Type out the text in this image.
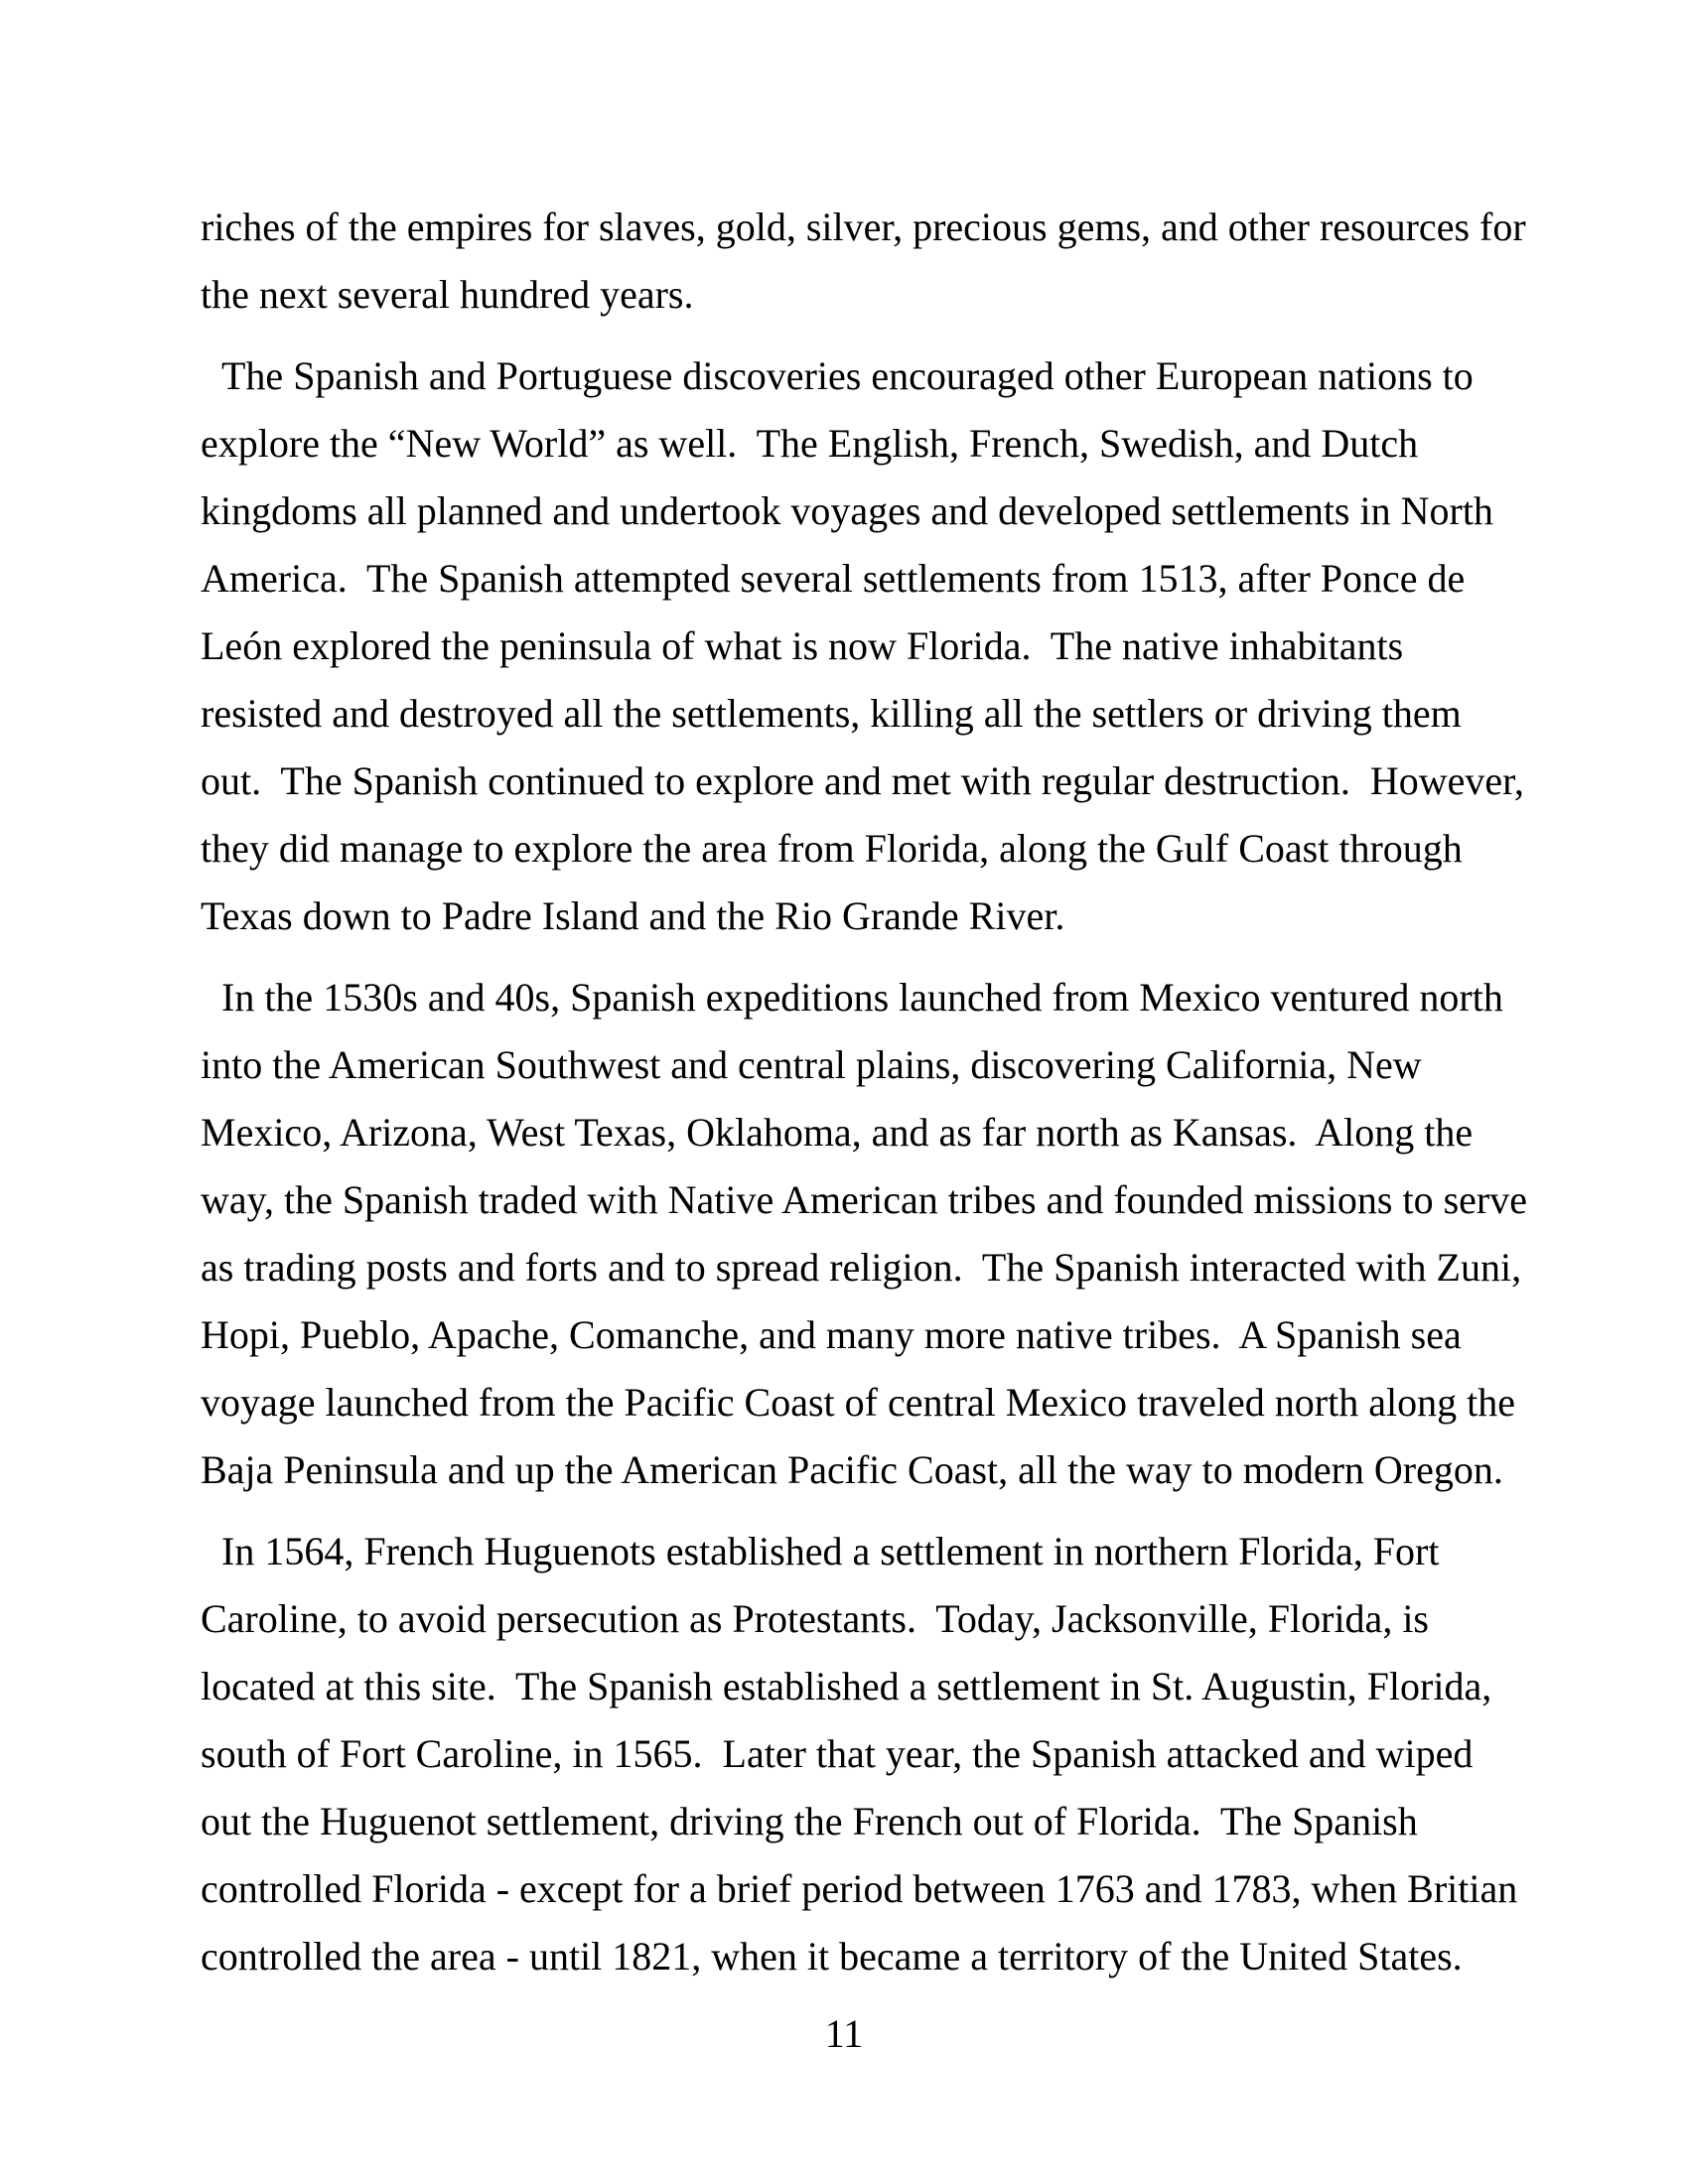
riches of the empires for slaves, gold, silver, precious gems, and other resources for
the next several hundred years.
The Spanish and Portuguese discoveries encouraged other European nations to
explore the “New World” as well.  The English, French, Swedish, and Dutch
kingdoms all planned and undertook voyages and developed settlements in North
America.  The Spanish attempted several settlements from 1513, after Ponce de
León explored the peninsula of what is now Florida.  The native inhabitants
resisted and destroyed all the settlements, killing all the settlers or driving them
out.  The Spanish continued to explore and met with regular destruction.  However,
they did manage to explore the area from Florida, along the Gulf Coast through
Texas down to Padre Island and the Rio Grande River.
In the 1530s and 40s, Spanish expeditions launched from Mexico ventured north
into the American Southwest and central plains, discovering California, New
Mexico, Arizona, West Texas, Oklahoma, and as far north as Kansas.  Along the
way, the Spanish traded with Native American tribes and founded missions to serve
as trading posts and forts and to spread religion.  The Spanish interacted with Zuni,
Hopi, Pueblo, Apache, Comanche, and many more native tribes.  A Spanish sea
voyage launched from the Pacific Coast of central Mexico traveled north along the
Baja Peninsula and up the American Pacific Coast, all the way to modern Oregon.
In 1564, French Huguenots established a settlement in northern Florida, Fort
Caroline, to avoid persecution as Protestants.  Today, Jacksonville, Florida, is
located at this site.  The Spanish established a settlement in St. Augustin, Florida,
south of Fort Caroline, in 1565.  Later that year, the Spanish attacked and wiped
out the Huguenot settlement, driving the French out of Florida.  The Spanish
controlled Florida - except for a brief period between 1763 and 1783, when Britian
controlled the area - until 1821, when it became a territory of the United States.
11
